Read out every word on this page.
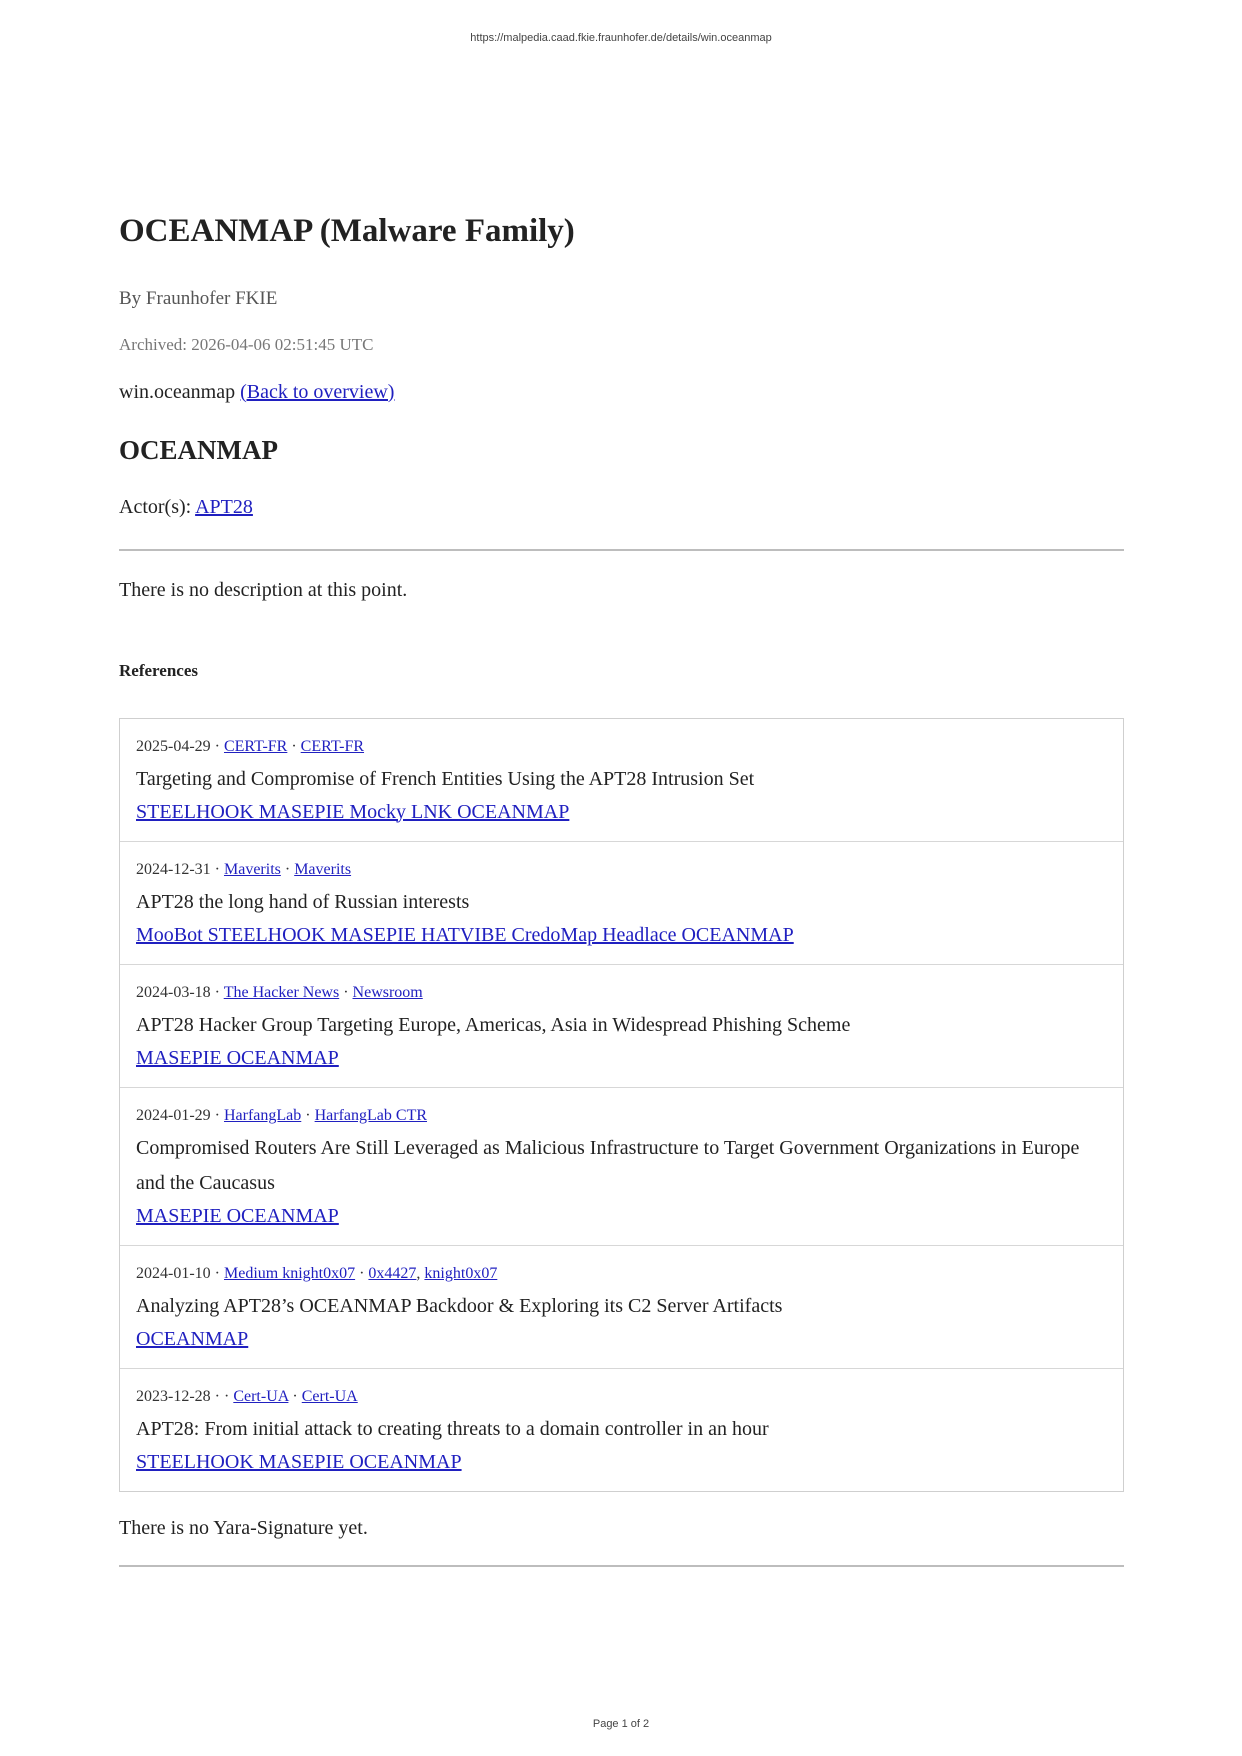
https://malpedia.caad.fkie.fraunhofer.de/details/win.oceanmap
OCEANMAP (Malware Family)
By Fraunhofer FKIE
Archived: 2026-04-06 02:51:45 UTC
win.oceanmap (Back to overview)
OCEANMAP
Actor(s): APT28
There is no description at this point.
References
2025-04-29 · CERT-FR · CERT-FR
Targeting and Compromise of French Entities Using the APT28 Intrusion Set
STEELHOOK MASEPIE Mocky LNK OCEANMAP
2024-12-31 · Maverits · Maverits
APT28 the long hand of Russian interests
MooBot STEELHOOK MASEPIE HATVIBE CredoMap Headlace OCEANMAP
2024-03-18 · The Hacker News · Newsroom
APT28 Hacker Group Targeting Europe, Americas, Asia in Widespread Phishing Scheme
MASEPIE OCEANMAP
2024-01-29 · HarfangLab · HarfangLab CTR
Compromised Routers Are Still Leveraged as Malicious Infrastructure to Target Government Organizations in Europe and the Caucasus
MASEPIE OCEANMAP
2024-01-10 · Medium knight0x07 · 0x4427, knight0x07
Analyzing APT28’s OCEANMAP Backdoor & Exploring its C2 Server Artifacts
OCEANMAP
2023-12-28 · · Cert-UA · Cert-UA
APT28: From initial attack to creating threats to a domain controller in an hour
STEELHOOK MASEPIE OCEANMAP
There is no Yara-Signature yet.
Page 1 of 2
